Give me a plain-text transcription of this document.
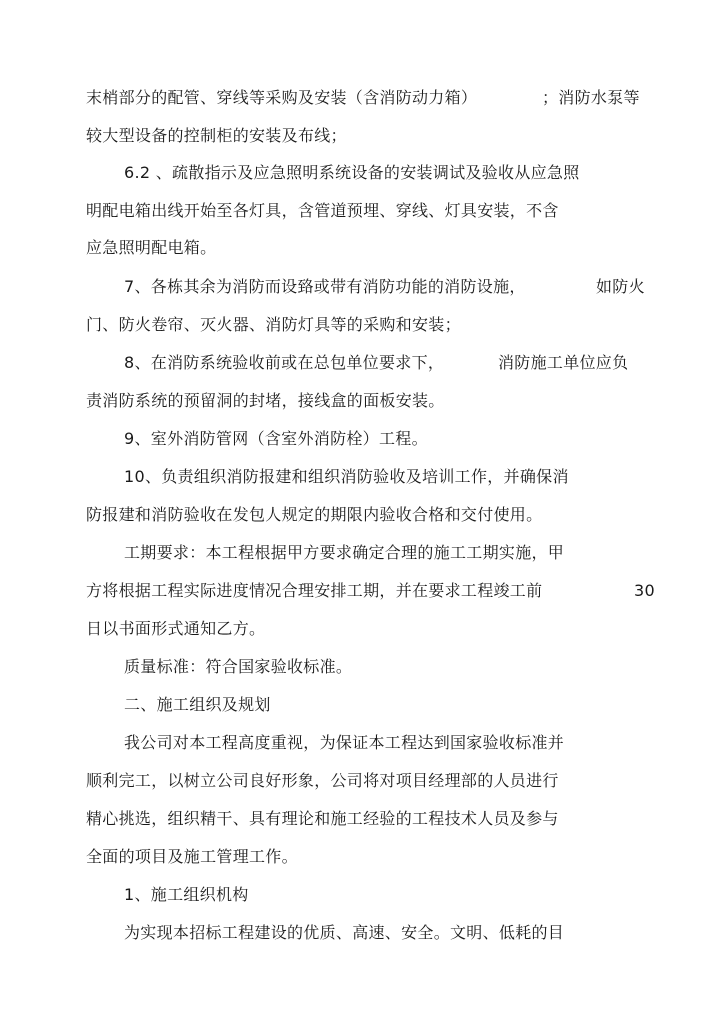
末梢部分的配管、穿线等采购及安装（含消防动力箱）	；消防水泵等
较大型设备的控制柜的安装及布线；
6.2 、疏散指示及应急照明系统设备的安装调试及验收从应急照
明配电箱出线开始至各灯具，含管道预埋、穿线、灯具安装，不含
应急照明配电箱。
7、各栋其余为消防而设臵或带有消防功能的消防设施，	如防火
门、防火卷帘、灭火器、消防灯具等的采购和安装；
8、在消防系统验收前或在总包单位要求下，	消防施工单位应负
责消防系统的预留洞的封堵，接线盒的面板安装。
9、室外消防管网（含室外消防栓）工程。
10、负责组织消防报建和组织消防验收及培训工作，并确保消
防报建和消防验收在发包人规定的期限内验收合格和交付使用。
工期要求：本工程根据甲方要求确定合理的施工工期实施，甲
方将根据工程实际进度情况合理安排工期，并在要求工程竣工前	30
日以书面形式通知乙方。
质量标准：符合国家验收标准。
二、施工组织及规划
我公司对本工程高度重视，为保证本工程达到国家验收标准并
顺利完工，以树立公司良好形象，公司将对项目经理部的人员进行
精心挑选，组织精干、具有理论和施工经验的工程技术人员及参与
全面的项目及施工管理工作。
1、施工组织机构
为实现本招标工程建设的优质、高速、安全。文明、低耗的目
